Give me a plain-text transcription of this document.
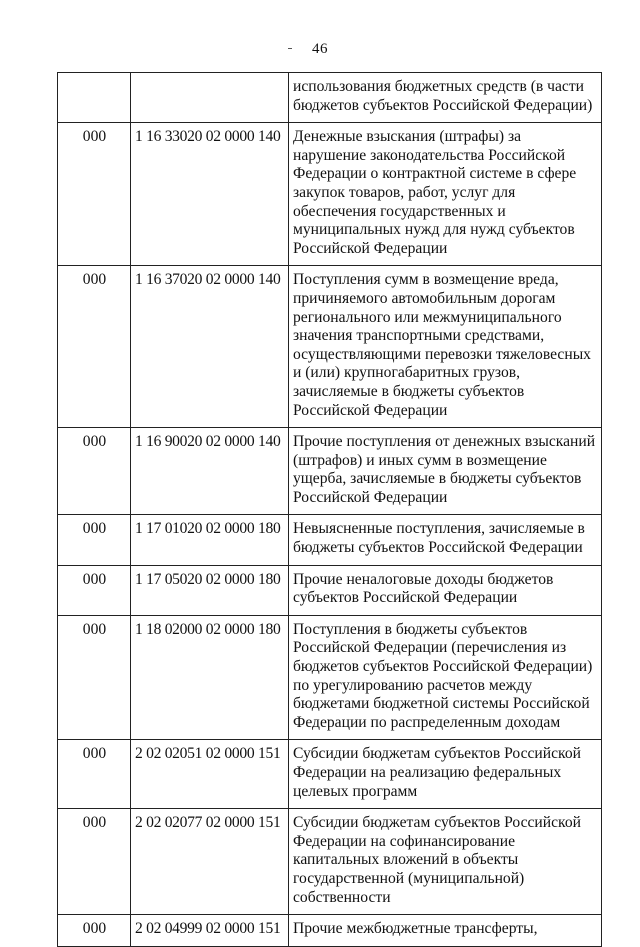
46
		использования бюджетных средств (в части бюджетов субъектов Российской Федерации)
000	1 16 33020 02 0000 140	Денежные взыскания (штрафы) за нарушение законодательства Российской Федерации о контрактной системе в сфере закупок товаров, работ, услуг для обеспечения государственных и муниципальных нужд для нужд субъектов Российской Федерации
000	1 16 37020 02 0000 140	Поступления сумм в возмещение вреда, причиняемого автомобильным дорогам регионального или межмуниципального значения транспортными средствами, осуществляющими перевозки тяжеловесных и (или) крупногабаритных грузов, зачисляемые в бюджеты субъектов Российской Федерации
000	1 16 90020 02 0000 140	Прочие поступления от денежных взысканий (штрафов) и иных сумм в возмещение ущерба, зачисляемые в бюджеты субъектов Российской Федерации
000	1 17 01020 02 0000 180	Невыясненные поступления, зачисляемые в бюджеты субъектов Российской Федерации
000	1 17 05020 02 0000 180	Прочие неналоговые доходы бюджетов субъектов Российской Федерации
000	1 18 02000 02 0000 180	Поступления в бюджеты субъектов Российской Федерации (перечисления из бюджетов субъектов Российской Федерации) по урегулированию расчетов между бюджетами бюджетной системы Российской Федерации по распределенным доходам
000	2 02 02051 02 0000 151	Субсидии бюджетам субъектов Российской Федерации на реализацию федеральных целевых программ
000	2 02 02077 02 0000 151	Субсидии бюджетам субъектов Российской Федерации на софинансирование капитальных вложений в объекты государственной (муниципальной) собственности
000	2 02 04999 02 0000 151	Прочие межбюджетные трансферты,
